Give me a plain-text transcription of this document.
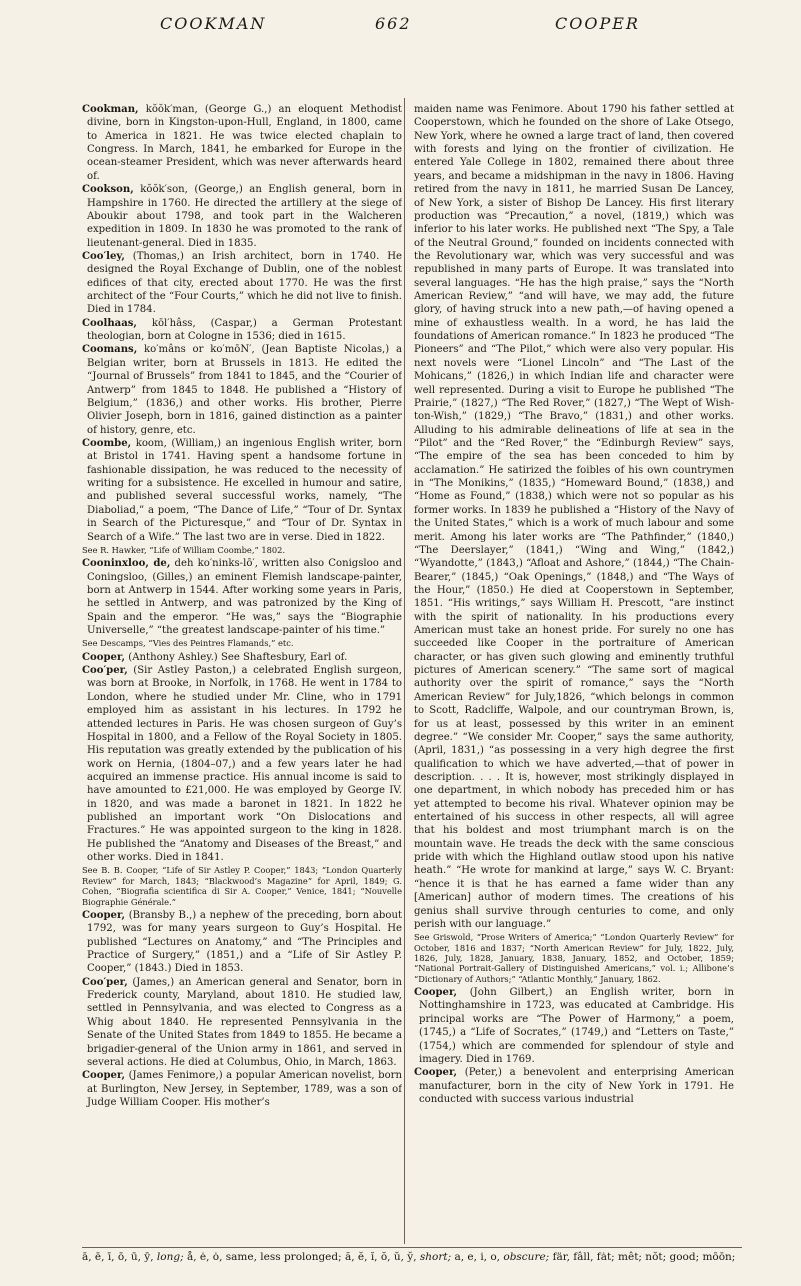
COOKMAN	662	COOPER

Cookman, kŏŏk′man, (George G.,) an eloquent Methodist divine, born in Kingston-upon-Hull, England, in 1800, came to America in 1821. He was twice elected chaplain to Congress. In March, 1841, he embarked for Europe in the ocean-steamer President, which was never afterwards heard of.

Cookson, kŏŏk′son, (George,) an English general, born in Hampshire in 1760. He directed the artillery at the siege of Aboukir about 1798, and took part in the Walcheren expedition in 1809. In 1830 he was promoted to the rank of lieutenant-general. Died in 1835.

Coo′ley, (Thomas,) an Irish architect, born in 1740. He designed the Royal Exchange of Dublin, one of the noblest edifices of that city, erected about 1770. He was the first architect of the “Four Courts,” which he did not live to finish. Died in 1784.

Coolhaas, kōl′hâss, (Caspar,) a German Protestant theologian, born at Cologne in 1536; died in 1615.

Coomans, ko′mâns or ko′mōN′, (Jean Baptiste Nicolas,) a Belgian writer, born at Brussels in 1813. He edited the “Journal of Brussels” from 1841 to 1845, and the “Courier of Antwerp” from 1845 to 1848. He published a “History of Belgium,” (1836,) and other works. His brother, Pierre Olivier Joseph, born in 1816, gained distinction as a painter of history, genre, etc.

Coombe, koom, (William,) an ingenious English writer, born at Bristol in 1741. Having spent a handsome fortune in fashionable dissipation, he was reduced to the necessity of writing for a subsistence. He excelled in humour and satire, and published several successful works, namely, “The Diaboliad,” a poem, “The Dance of Life,” “Tour of Dr. Syntax in Search of the Picturesque,” and “Tour of Dr. Syntax in Search of a Wife.” The last two are in verse. Died in 1822.

See R. Hawker, “Life of William Coombe,” 1802.

Cooninxloo, de, deh ko′ninks-lō′, written also Conigsloo and Coningsloo, (Gilles,) an eminent Flemish landscape-painter, born at Antwerp in 1544. After working some years in Paris, he settled in Antwerp, and was patronized by the King of Spain and the emperor. “He was,” says the “Biographie Universelle,” “the greatest landscape-painter of his time.”

See Descamps, “Vies des Peintres Flamands,” etc.

Cooper, (Anthony Ashley.) See Shaftesbury, Earl of.

Coo′per, (Sir Astley Paston,) a celebrated English surgeon, was born at Brooke, in Norfolk, in 1768. He went in 1784 to London, where he studied under Mr. Cline, who in 1791 employed him as assistant in his lectures. In 1792 he attended lectures in Paris. He was chosen surgeon of Guy’s Hospital in 1800, and a Fellow of the Royal Society in 1805. His reputation was greatly extended by the publication of his work on Hernia, (1804–07,) and a few years later he had acquired an immense practice. His annual income is said to have amounted to £21,000. He was employed by George IV. in 1820, and was made a baronet in 1821. In 1822 he published an important work “On Dislocations and Fractures.” He was appointed surgeon to the king in 1828. He published the “Anatomy and Diseases of the Breast,” and other works. Died in 1841.

See B. B. Cooper, “Life of Sir Astley P. Cooper,” 1843; “London Quarterly Review” for March, 1843; “Blackwood’s Magazine” for April, 1849; G. Cohen, “Biografia scientifica di Sir A. Cooper,” Venice, 1841; “Nouvelle Biographie Générale.”

Cooper, (Bransby B.,) a nephew of the preceding, born about 1792, was for many years surgeon to Guy’s Hospital. He published “Lectures on Anatomy,” and “The Principles and Practice of Surgery,” (1851,) and a “Life of Sir Astley P. Cooper,” (1843.) Died in 1853.

Coo′per, (James,) an American general and Senator, born in Frederick county, Maryland, about 1810. He studied law, settled in Pennsylvania, and was elected to Congress as a Whig about 1840. He represented Pennsylvania in the Senate of the United States from 1849 to 1855. He became a brigadier-general of the Union army in 1861, and served in several actions. He died at Columbus, Ohio, in March, 1863.

Cooper, (James Fenimore,) a popular American novelist, born at Burlington, New Jersey, in September, 1789, was a son of Judge William Cooper. His mother’s

maiden name was Fenimore. About 1790 his father settled at Cooperstown, which he founded on the shore of Lake Otsego, New York, where he owned a large tract of land, then covered with forests and lying on the frontier of civilization. He entered Yale College in 1802, remained there about three years, and became a midshipman in the navy in 1806. Having retired from the navy in 1811, he married Susan De Lancey, of New York, a sister of Bishop De Lancey. His first literary production was “Precaution,” a novel, (1819,) which was inferior to his later works. He published next “The Spy, a Tale of the Neutral Ground,” founded on incidents connected with the Revolutionary war, which was very successful and was republished in many parts of Europe. It was translated into several languages. “He has the high praise,” says the “North American Review,” “and will have, we may add, the future glory, of having struck into a new path,—of having opened a mine of exhaustless wealth. In a word, he has laid the foundations of American romance.” In 1823 he produced “The Pioneers” and “The Pilot,” which were also very popular. His next novels were “Lionel Lincoln” and “The Last of the Mohicans,” (1826,) in which Indian life and character were well represented. During a visit to Europe he published “The Prairie,” (1827,) “The Red Rover,” (1827,) “The Wept of Wish-ton-Wish,” (1829,) “The Bravo,” (1831,) and other works. Alluding to his admirable delineations of life at sea in the “Pilot” and the “Red Rover,” the “Edinburgh Review” says, “The empire of the sea has been conceded to him by acclamation.” He satirized the foibles of his own countrymen in “The Monikins,” (1835,) “Homeward Bound,” (1838,) and “Home as Found,” (1838,) which were not so popular as his former works. In 1839 he published a “History of the Navy of the United States,” which is a work of much labour and some merit. Among his later works are “The Pathfinder,” (1840,) “The Deerslayer,” (1841,) “Wing and Wing,” (1842,) “Wyandotte,” (1843,) “Afloat and Ashore,” (1844,) “The Chain-Bearer,” (1845,) “Oak Openings,” (1848,) and “The Ways of the Hour,” (1850.) He died at Cooperstown in September, 1851. “His writings,” says William H. Prescott, “are instinct with the spirit of nationality. In his productions every American must take an honest pride. For surely no one has succeeded like Cooper in the portraiture of American character, or has given such glowing and eminently truthful pictures of American scenery.” “The same sort of magical authority over the spirit of romance,” says the “North American Review” for July,1826, “which belongs in common to Scott, Radcliffe, Walpole, and our countryman Brown, is, for us at least, possessed by this writer in an eminent degree.” “We consider Mr. Cooper,” says the same authority, (April, 1831,) “as possessing in a very high degree the first qualification to which we have adverted,—that of power in description. . . . It is, however, most strikingly displayed in one department, in which nobody has preceded him or has yet attempted to become his rival. Whatever opinion may be entertained of his success in other respects, all will agree that his boldest and most triumphant march is on the mountain wave. He treads the deck with the same conscious pride with which the Highland outlaw stood upon his native heath.” “He wrote for mankind at large,” says W. C. Bryant: “hence it is that he has earned a fame wider than any [American] author of modern times. The creations of his genius shall survive through centuries to come, and only perish with our language.”

See Griswold, “Prose Writers of America;” “London Quarterly Review” for October, 1816 and 1837; “North American Review” for July, 1822, July, 1826, July, 1828, January, 1838, January, 1852, and October, 1859; “National Portrait-Gallery of Distinguished Americans,” vol. i.; Allibone’s “Dictionary of Authors;” “Atlantic Monthly,” January, 1862.

Cooper, (John Gilbert,) an English writer, born in Nottinghamshire in 1723, was educated at Cambridge. His principal works are “The Power of Harmony,” a poem, (1745,) a “Life of Socrates,” (1749,) and “Letters on Taste,” (1754,) which are commended for splendour of style and imagery. Died in 1769.

Cooper, (Peter,) a benevolent and enterprising American manufacturer, born in the city of New York in 1791. He conducted with success various industrial

ā, ē, ī, ō, ū, ȳ, long; å, ė, ȯ, same, less prolonged; ă, ĕ, ĭ, ŏ, ŭ, y̆, short; a, e, i, o, obscure; fär, fâll, fȧt; mêt; nŏt; good; mōōn;
